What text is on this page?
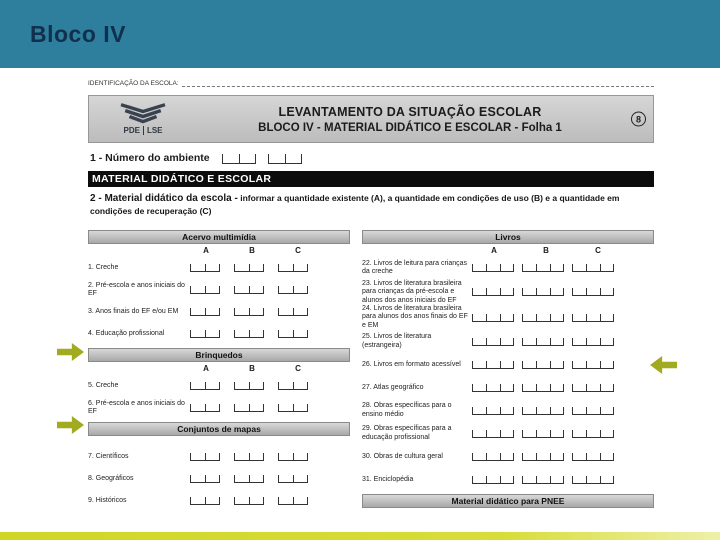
Bloco IV
IDENTIFICAÇÃO DA ESCOLA:
PDE LSE
LEVANTAMENTO DA SITUAÇÃO ESCOLAR
BLOCO IV - MATERIAL DIDÁTICO E ESCOLAR - Folha 1
8
1 - Número do ambiente
MATERIAL DIDÁTICO E ESCOLAR

2 - Material didático da escola - informar a quantidade existente (A), a quantidade em condições de uso (B) e a quantidade em condições de recuperação (C)

Acervo multimídia
A	B	C
1. Creche
2. Pré-escola e anos iniciais do EF
3. Anos finais do EF e/ou EM
4. Educação profissional
Brinquedos
A	B	C
5. Creche
6. Pré-escola e anos iniciais do EF
Conjuntos de mapas
7. Científicos
8. Geográficos
9. Históricos
Livros
A	B	C
22. Livros de leitura para crianças da creche
23. Livros de literatura brasileira para crianças da pré-escola e alunos dos anos iniciais do EF
24. Livros de literatura brasileira para alunos dos anos finais do EF e EM
25. Livros de literatura (estrangeira)
26. Livros em formato acessível
27. Atlas geográfico
28. Obras específicas para o ensino médio
29. Obras específicas para a educação profissional
30. Obras de cultura geral
31. Enciclopédia
Material didático para PNEE
